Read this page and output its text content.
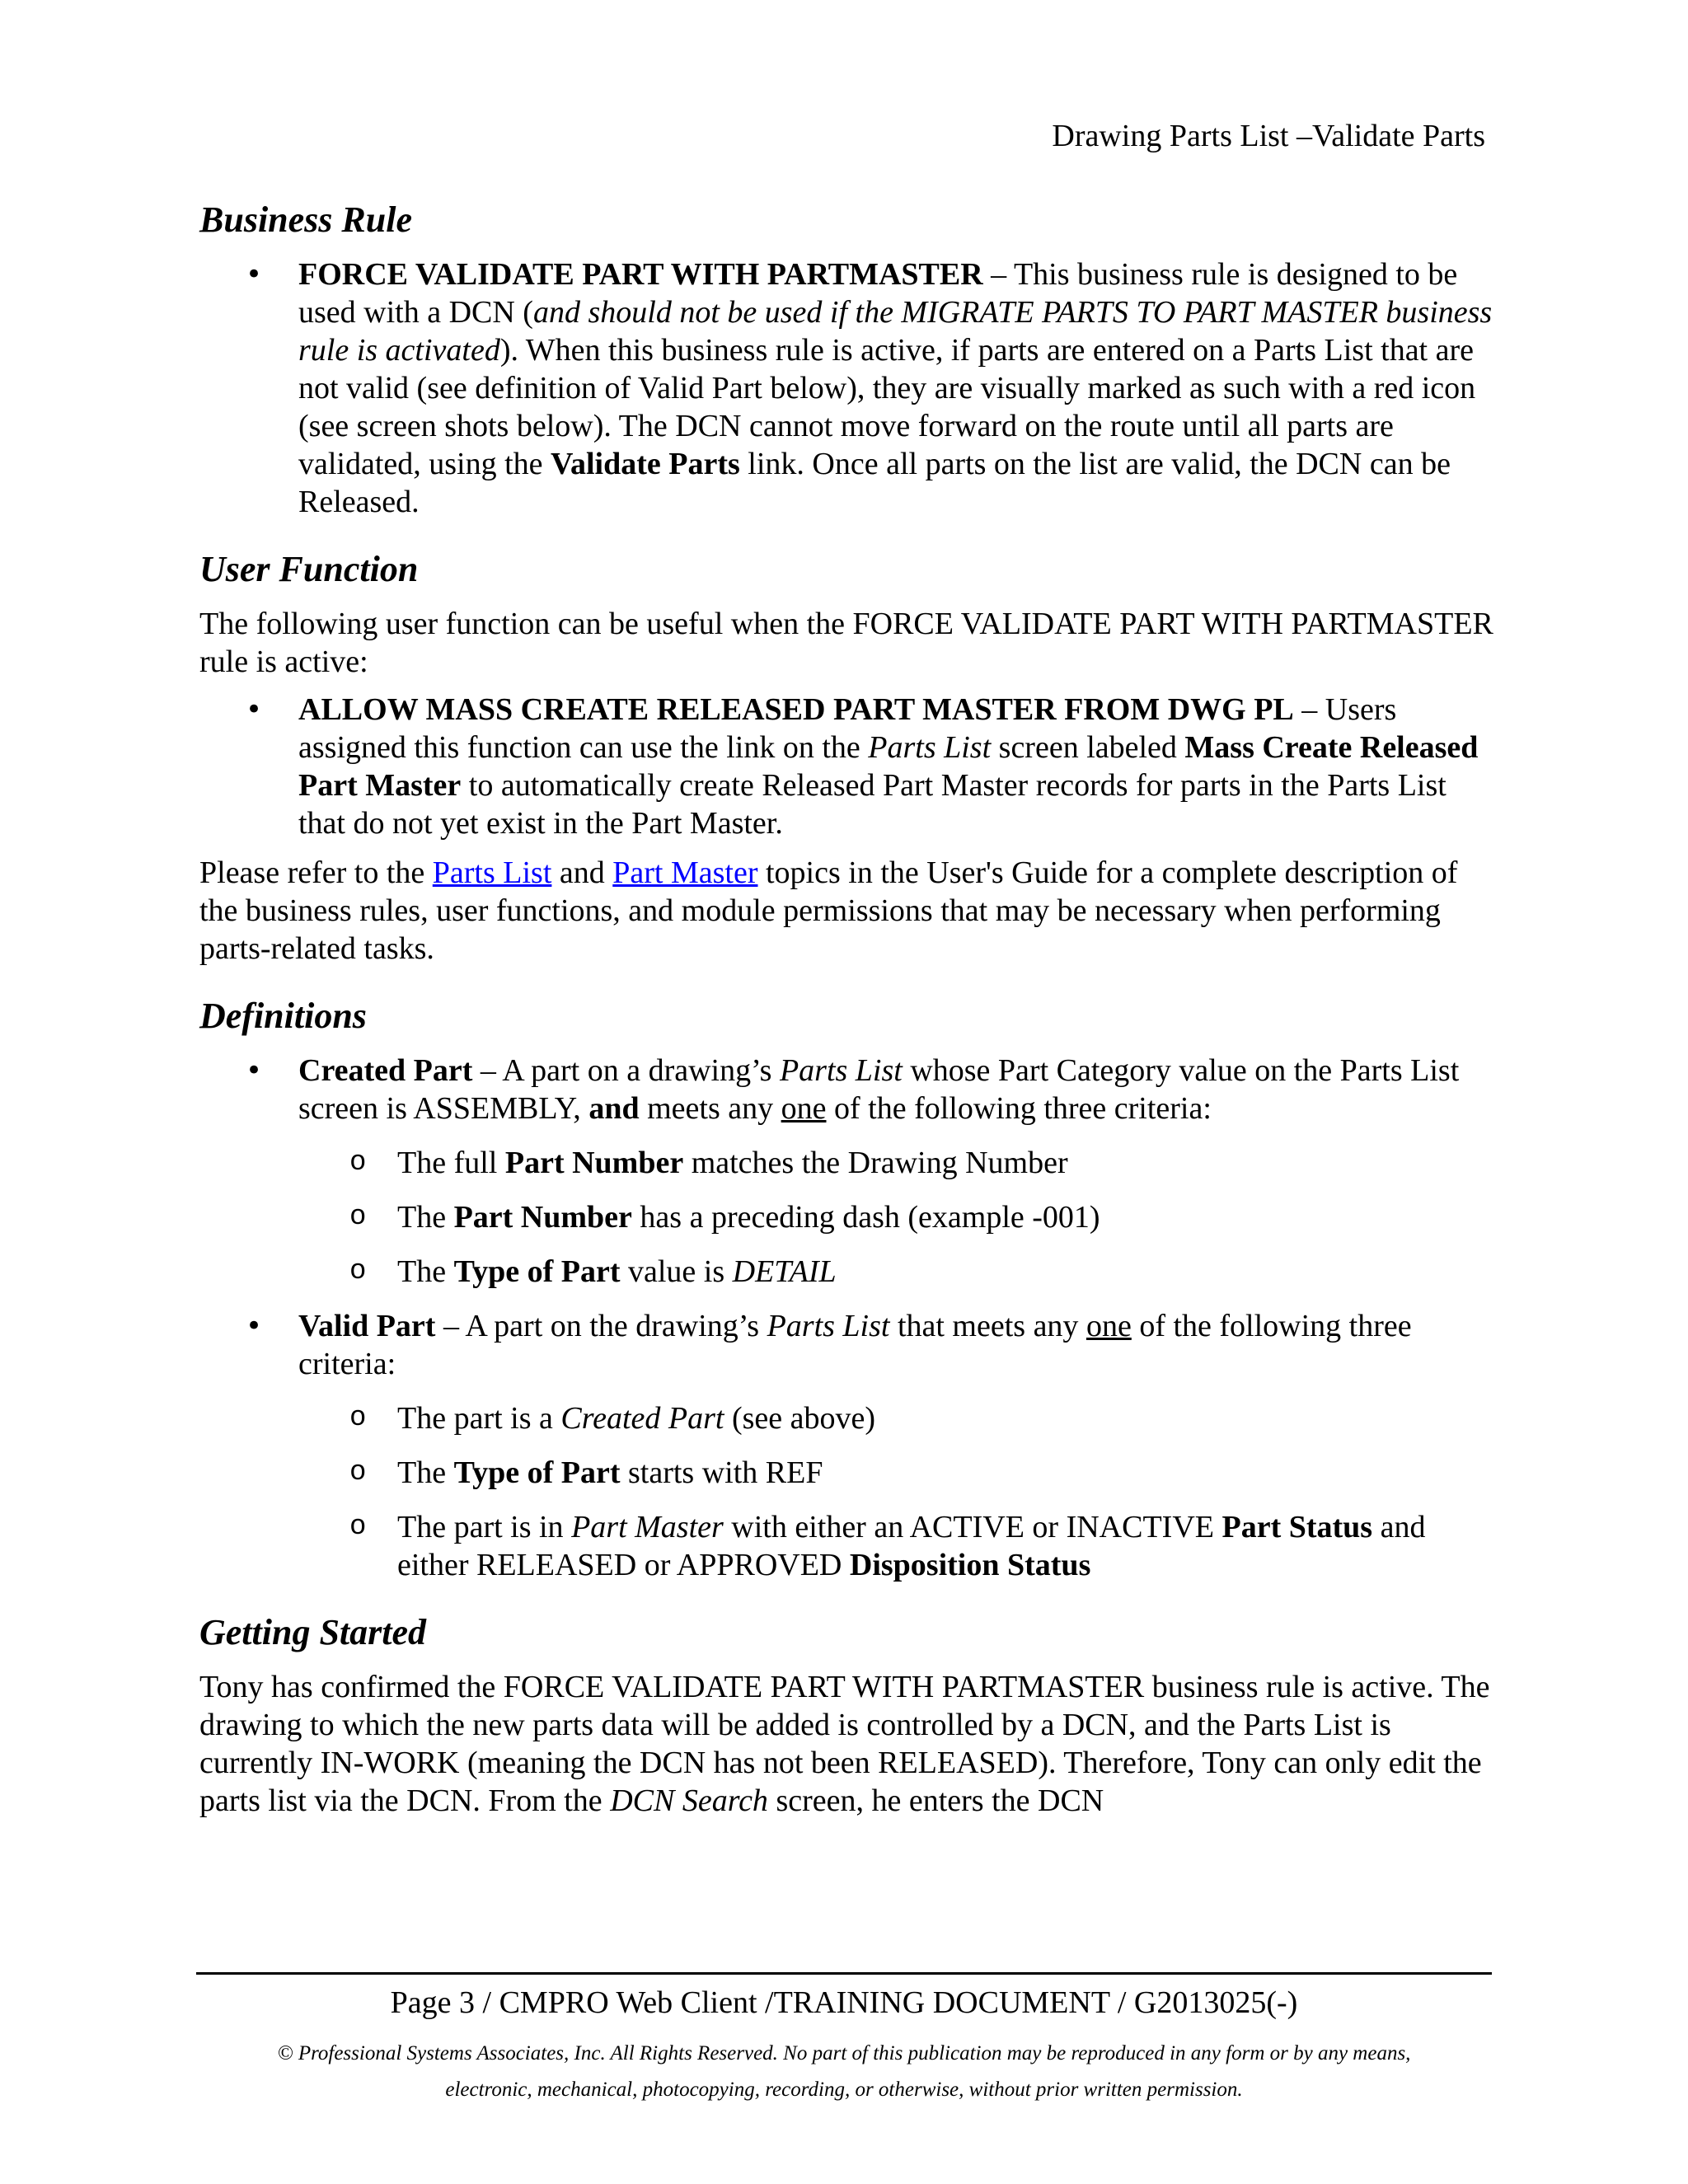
Drawing Parts List –Validate Parts
Business Rule
• FORCE VALIDATE PART WITH PARTMASTER – This business rule is designed to be used with a DCN (and should not be used if the MIGRATE PARTS TO PART MASTER business rule is activated). When this business rule is active, if parts are entered on a Parts List that are not valid (see definition of Valid Part below), they are visually marked as such with a red icon (see screen shots below). The DCN cannot move forward on the route until all parts are validated, using the Validate Parts link. Once all parts on the list are valid, the DCN can be Released.
User Function

The following user function can be useful when the FORCE VALIDATE PART WITH PARTMASTER rule is active:

• ALLOW MASS CREATE RELEASED PART MASTER FROM DWG PL – Users assigned this function can use the link on the Parts List screen labeled Mass Create Released Part Master to automatically create Released Part Master records for parts in the Parts List that do not yet exist in the Part Master.

Please refer to the Parts List and Part Master topics in the User's Guide for a complete description of the business rules, user functions, and module permissions that may be necessary when performing parts-related tasks.

Definitions
• Created Part – A part on a drawing’s Parts List whose Part Category value on the Parts List screen is ASSEMBLY, and meets any one of the following three criteria:
o The full Part Number matches the Drawing Number
o The Part Number has a preceding dash (example -001)
o The Type of Part value is DETAIL
• Valid Part – A part on the drawing’s Parts List that meets any one of the following three criteria:
o The part is a Created Part (see above)
o The Type of Part starts with REF
o The part is in Part Master with either an ACTIVE or INACTIVE Part Status and either RELEASED or APPROVED Disposition Status
Getting Started

Tony has confirmed the FORCE VALIDATE PART WITH PARTMASTER business rule is active. The drawing to which the new parts data will be added is controlled by a DCN, and the Parts List is currently IN-WORK (meaning the DCN has not been RELEASED). Therefore, Tony can only edit the parts list via the DCN. From the DCN Search screen, he enters the DCN

Page 3 / CMPRO Web Client /TRAINING DOCUMENT / G2013025(-)
© Professional Systems Associates, Inc. All Rights Reserved. No part of this publication may be reproduced in any form or by any means,
electronic, mechanical, photocopying, recording, or otherwise, without prior written permission.
